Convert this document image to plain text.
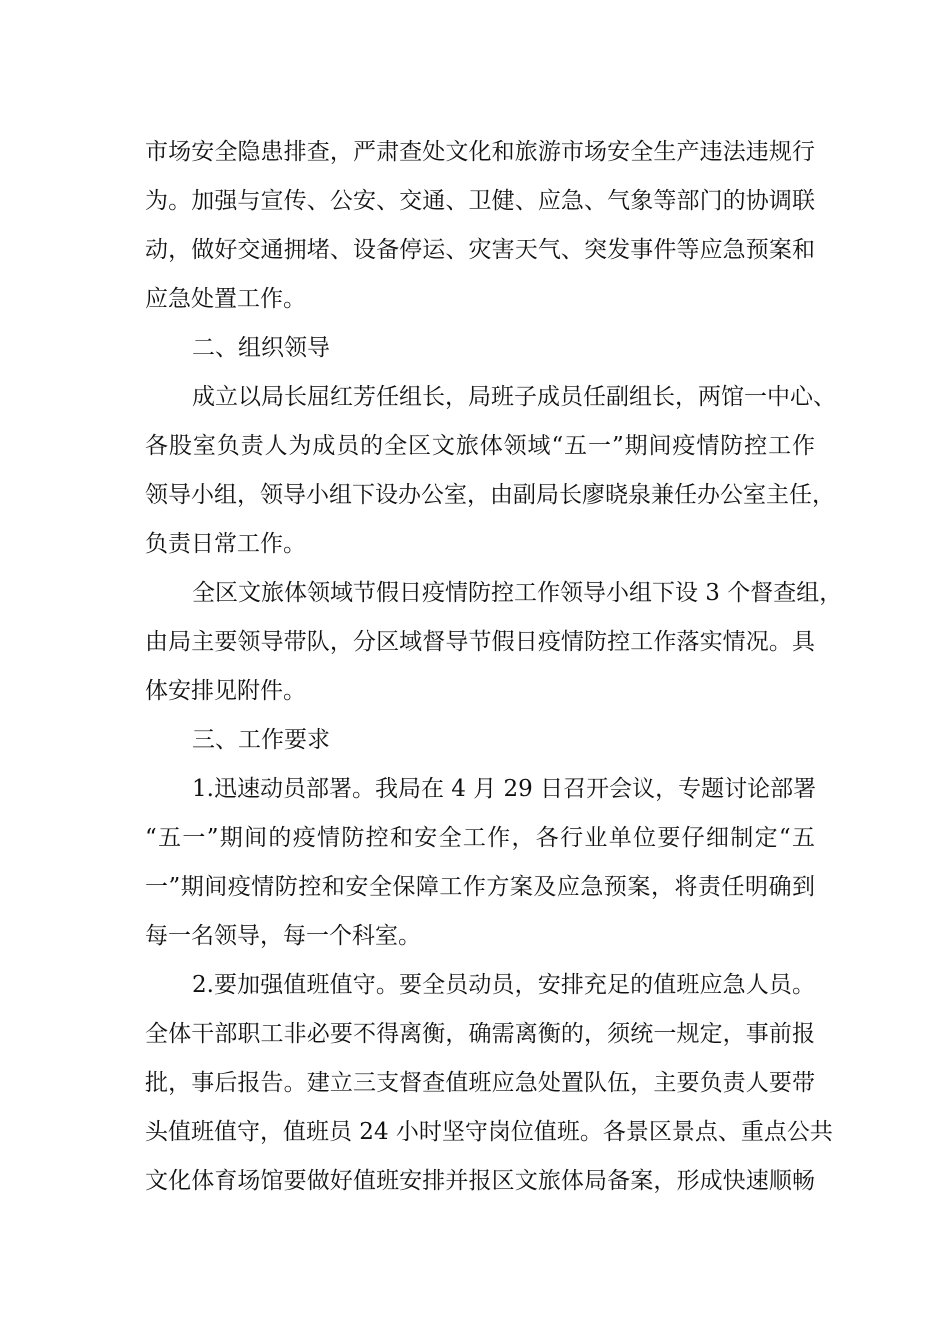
市场安全隐患排查，严肃查处文化和旅游市场安全生产违法违规行
为。加强与宣传、公安、交通、卫健、应急、气象等部门的协调联
动，做好交通拥堵、设备停运、灾害天气、突发事件等应急预案和
应急处置工作。
二、组织领导
成立以局长屈红芳任组长，局班子成员任副组长，两馆一中心、
各股室负责人为成员的全区文旅体领域“五一”期间疫情防控工作
领导小组，领导小组下设办公室，由副局长廖晓泉兼任办公室主任，
负责日常工作。
全区文旅体领域节假日疫情防控工作领导小组下设 3 个督查组，
由局主要领导带队，分区域督导节假日疫情防控工作落实情况。具
体安排见附件。
三、工作要求
1.迅速动员部署。我局在 4 月 29 日召开会议，专题讨论部署
“五一”期间的疫情防控和安全工作，各行业单位要仔细制定“五
一”期间疫情防控和安全保障工作方案及应急预案，将责任明确到
每一名领导，每一个科室。
2.要加强值班值守。要全员动员，安排充足的值班应急人员。
全体干部职工非必要不得离衡，确需离衡的，须统一规定，事前报
批，事后报告。建立三支督查值班应急处置队伍，主要负责人要带
头值班值守，值班员 24 小时坚守岗位值班。各景区景点、重点公共
文化体育场馆要做好值班安排并报区文旅体局备案，形成快速顺畅
